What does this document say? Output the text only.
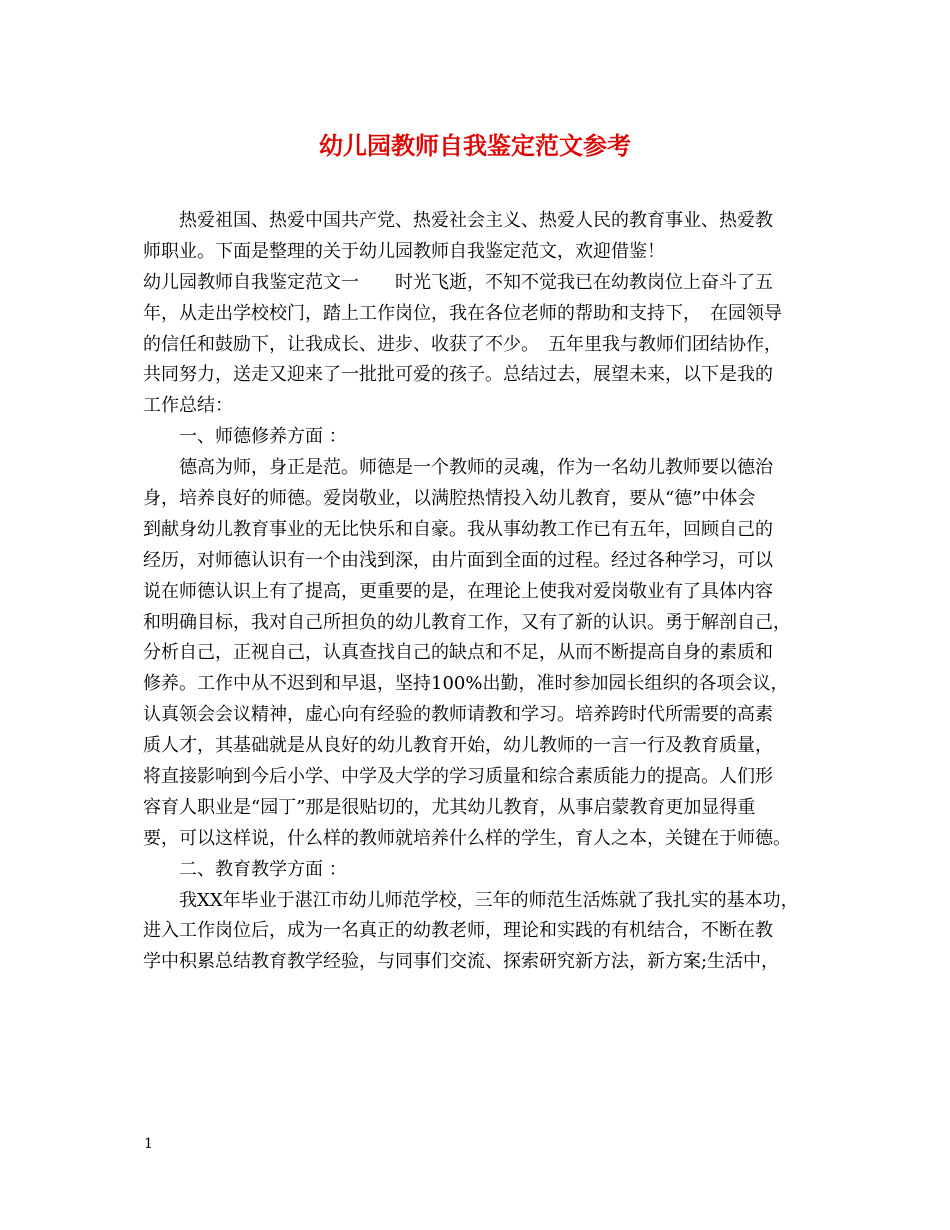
幼儿园教师自我鉴定范文参考
热爱祖国、热爱中国共产党、热爱社会主义、热爱人民的教育事业、热爱教
师职业。下面是整理的关于幼儿园教师自我鉴定范文，欢迎借鉴！
幼儿园教师自我鉴定范文一　　时光飞逝，不知不觉我已在幼教岗位上奋斗了五
年，从走出学校校门，踏上工作岗位，我在各位老师的帮助和支持下，　在园领导
的信任和鼓励下，让我成长、进步、收获了不少。　五年里我与教师们团结协作，
共同努力，送走又迎来了一批批可爱的孩子。总结过去，展望未来，以下是我的
工作总结：
一、师德修养方面 ：
德高为师，身正是范。师德是一个教师的灵魂，作为一名幼儿教师要以德治
身，培养良好的师德。爱岗敬业，以满腔热情投入幼儿教育，要从“德”中体会
到献身幼儿教育事业的无比快乐和自豪。我从事幼教工作已有五年，回顾自己的
经历，对师德认识有一个由浅到深，由片面到全面的过程。经过各种学习，可以
说在师德认识上有了提高，更重要的是，在理论上使我对爱岗敬业有了具体内容
和明确目标，我对自己所担负的幼儿教育工作，又有了新的认识。勇于解剖自己，
分析自己，正视自己，认真查找自己的缺点和不足，从而不断提高自身的素质和
修养。工作中从不迟到和早退，坚持100%出勤，准时参加园长组织的各项会议，
认真领会会议精神，虚心向有经验的教师请教和学习。培养跨时代所需要的高素
质人才，其基础就是从良好的幼儿教育开始，幼儿教师的一言一行及教育质量，
将直接影响到今后小学、中学及大学的学习质量和综合素质能力的提高。人们形
容育人职业是“园丁”那是很贴切的，尤其幼儿教育，从事启蒙教育更加显得重
要，可以这样说，什么样的教师就培养什么样的学生，育人之本，关键在于师德。
二、教育教学方面 ：
我XX年毕业于湛江市幼儿师范学校，三年的师范生活炼就了我扎实的基本功，
进入工作岗位后，成为一名真正的幼教老师，理论和实践的有机结合，不断在教
学中积累总结教育教学经验，与同事们交流、探索研究新方法，新方案;生活中，
1
